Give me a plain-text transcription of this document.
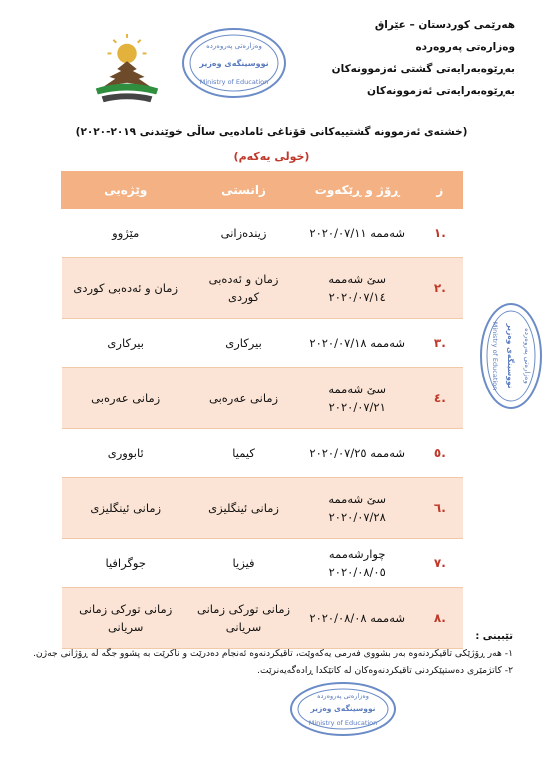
هەرێمی کوردستان – عێراق
وەزارەتی پەروەردە
بەڕێوەبەرایەتی گشتی ئەزموونەکان
بەڕێوەبەرایەتی ئەزموونەکان
وەزارەتی پەروەردە
نووسینگەی وەزیر
Ministry of Education
وەزارەتی پەروەردە
نووسینگەی وەزیر
Ministry of Education
وەزارەتی پەروەردە
نووسینگەی وەزیر
Ministry of Education
(خشتەی ئەزموونە گشتییەکانی قۆناغی ئامادەیی ساڵی خوێندنی ٢٠١٩-٢٠٢٠)
(خولی یەکەم)
ز	ڕۆژ و ڕێکەوت	زانستی	وێژەیی
.١	شەممە ٢٠٢٠/٠٧/١١	زیندەزانی	مێژوو
.٢	سێ شەممە ٢٠٢٠/٠٧/١٤	زمان و ئەدەبی کوردی	زمان و ئەدەبی کوردی
.٣	شەممە ٢٠٢٠/٠٧/١٨	بیرکاری	بیرکاری
.٤	سێ شەممە ٢٠٢٠/٠٧/٢١	زمانی عەرەبی	زمانی عەرەبی
.٥	شەممە ٢٠٢٠/٠٧/٢٥	کیمیا	ئابووری
.٦	سێ شەممە ٢٠٢٠/٠٧/٢٨	زمانی ئینگلیزی	زمانی ئینگلیزی
.٧	چوارشەممە ٢٠٢٠/٠٨/٠٥	فیزیا	جوگرافیا
.٨	شەممە ٢٠٢٠/٠٨/٠٨	زمانی تورکی زمانی سریانی	زمانی تورکی زمانی سریانی
تێبینی :
١- هەر ڕۆژێکی تاقیکردنەوە بەر بشووی فەرمی یەکەوێت، تاقیکردنەوە ئەنجام دەدرێت و ناکرێت بە پشوو جگە لە ڕۆژانی جەژن.
٢- کاتژمێری دەستپێکردنی تاقیکردنەوەکان لە کاتێکدا ڕادەگەیەنرێت.
